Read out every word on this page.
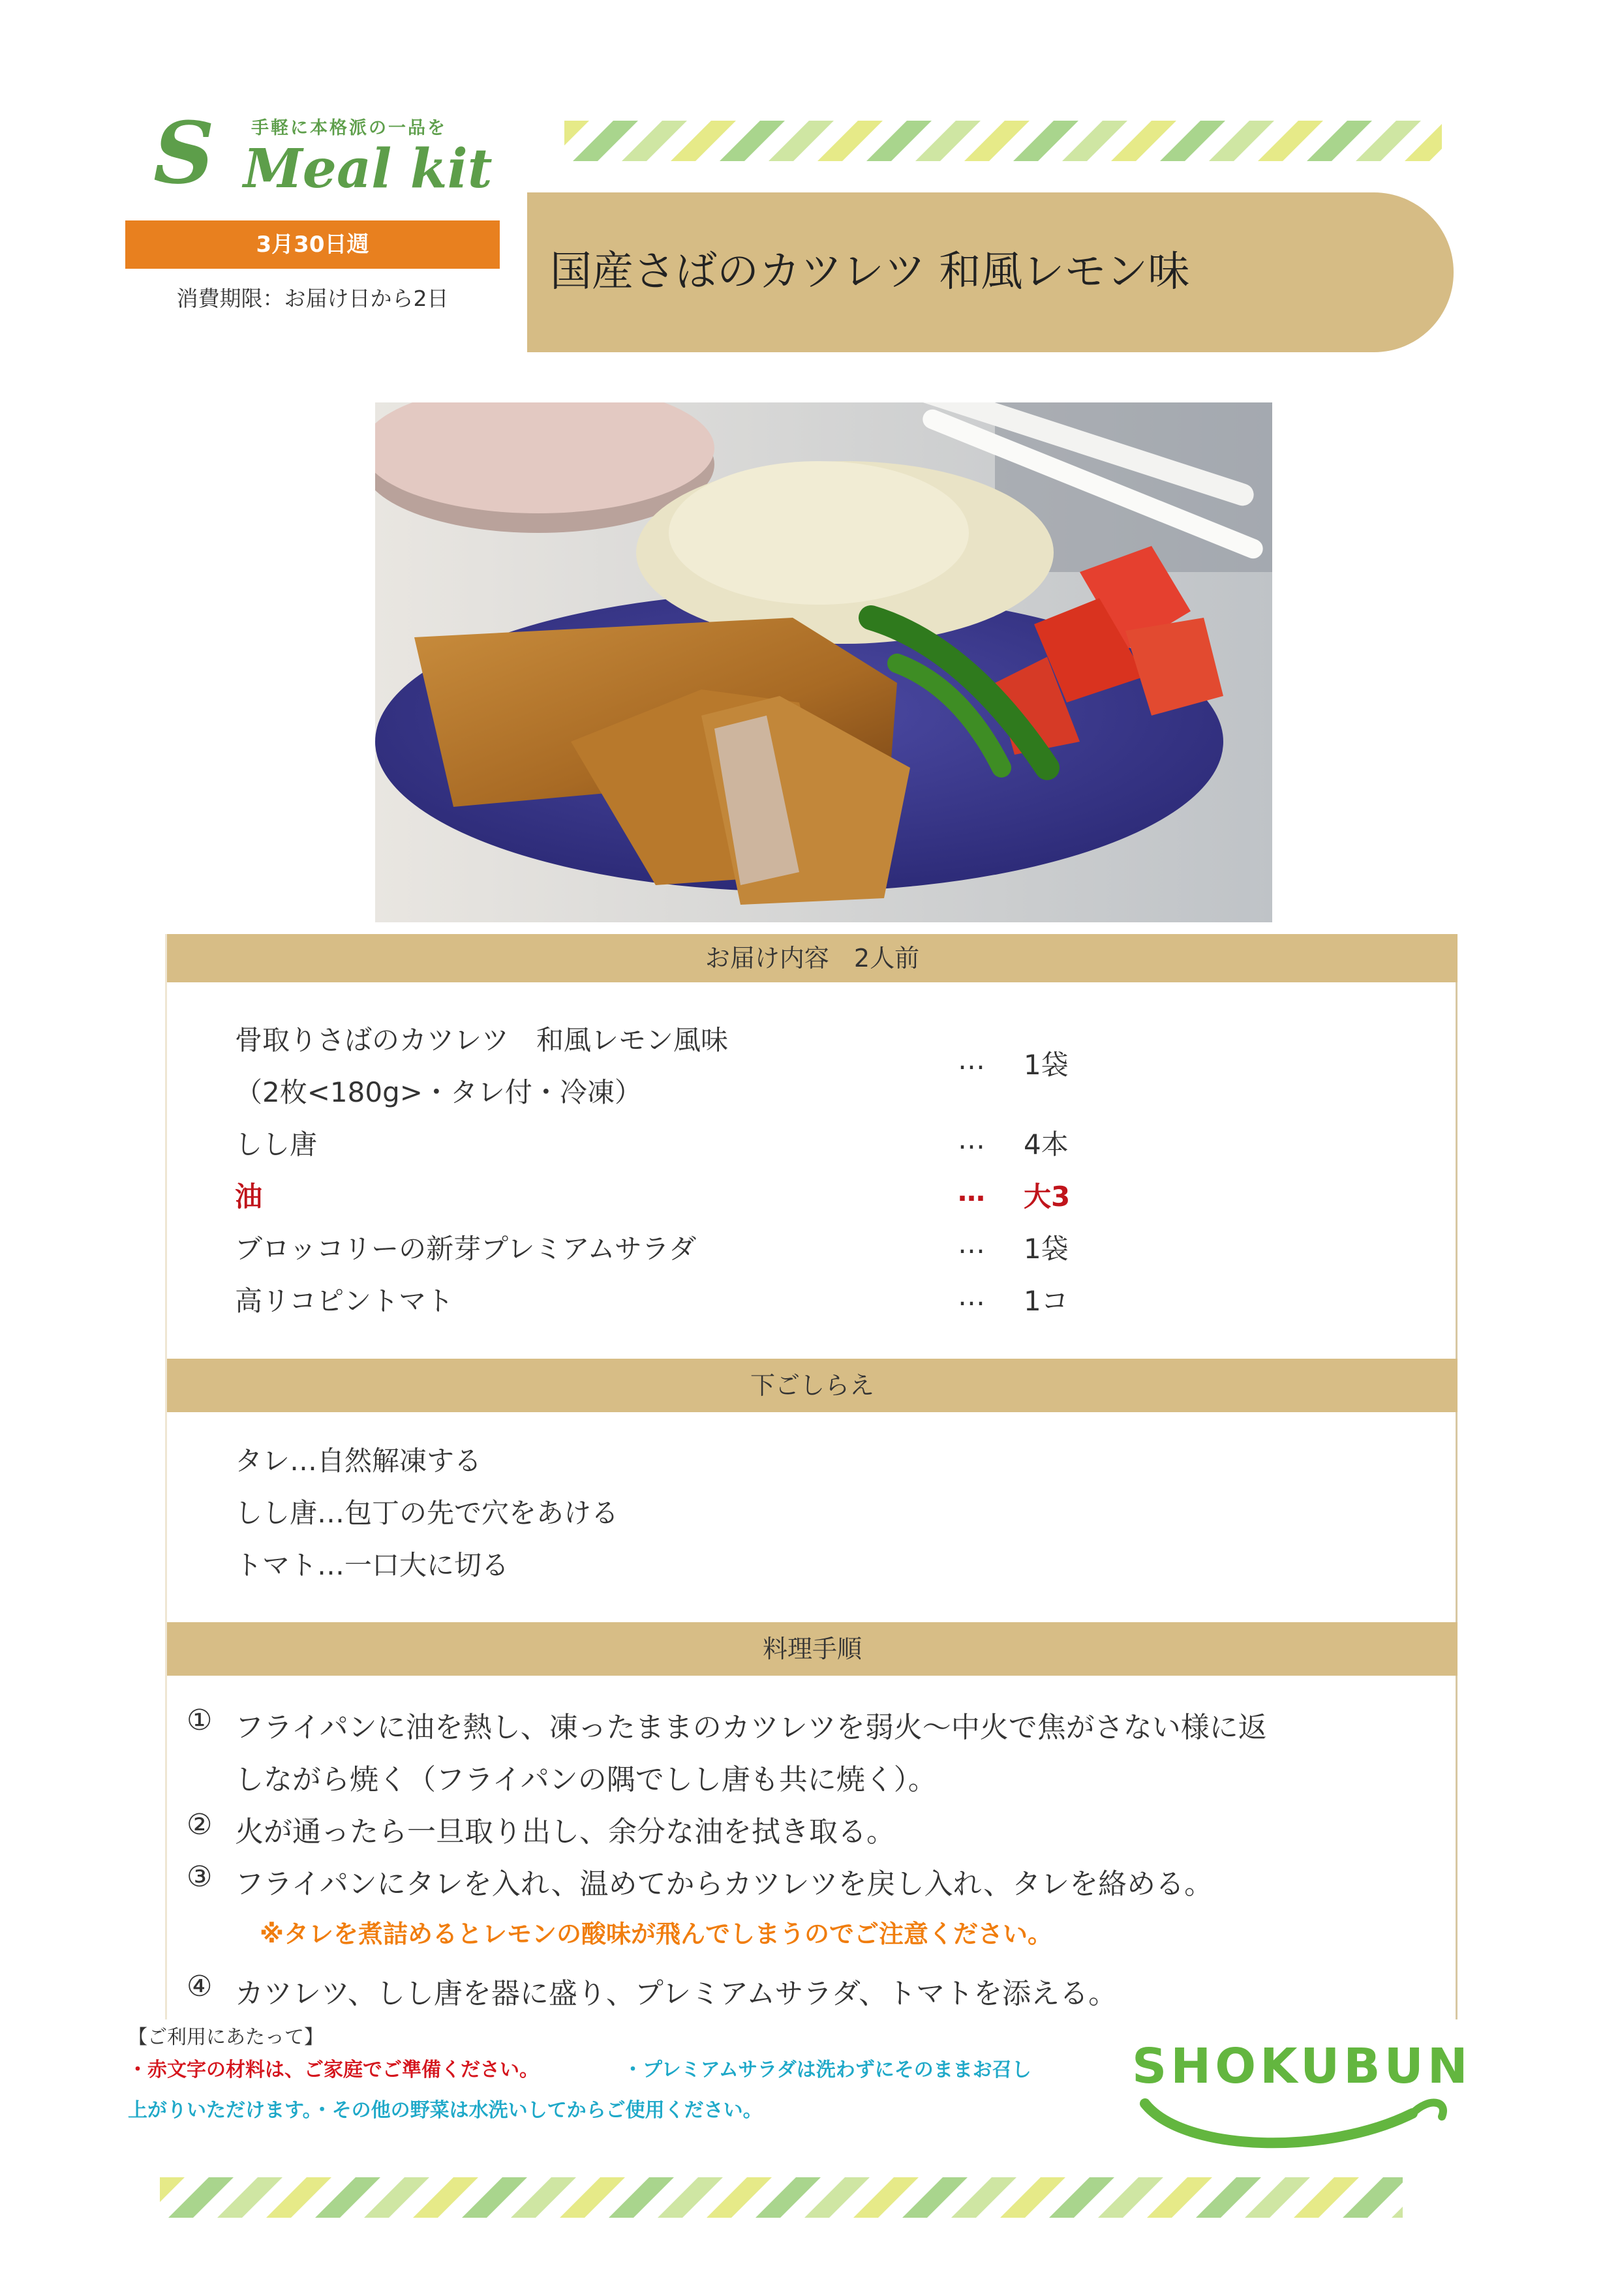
S 手軽に本格派の一品を
Meal kit
3月30日週
消費期限：お届け日から2日
国産さばのカツレツ 和風レモン味
お届け内容　2人前
骨取りさばのカツレツ　和風レモン風味
（2枚<180g>・タレ付・冷凍）
… 1袋
しし唐	… 4本
油	… 大3
ブロッコリーの新芽プレミアムサラダ	… 1袋
高リコピントマト	… 1コ
下ごしらえ
タレ…自然解凍する
しし唐…包丁の先で穴をあける
トマト…一口大に切る
料理手順
① フライパンに油を熱し、凍ったままのカツレツを弱火～中火で焦がさない様に返
しながら焼く（フライパンの隅でしし唐も共に焼く）。
② 火が通ったら一旦取り出し、余分な油を拭き取る。
③ フライパンにタレを入れ、温めてからカツレツを戻し入れ、タレを絡める。
※タレを煮詰めるとレモンの酸味が飛んでしまうのでご注意ください。
④ カツレツ、しし唐を器に盛り、プレミアムサラダ、トマトを添える。
【ご利用にあたって】
・赤文字の材料は、ご家庭でご準備ください。	・プレミアムサラダは洗わずにそのままお召し
上がりいただけます。・その他の野菜は水洗いしてからご使用ください。
SHOKUBUN
